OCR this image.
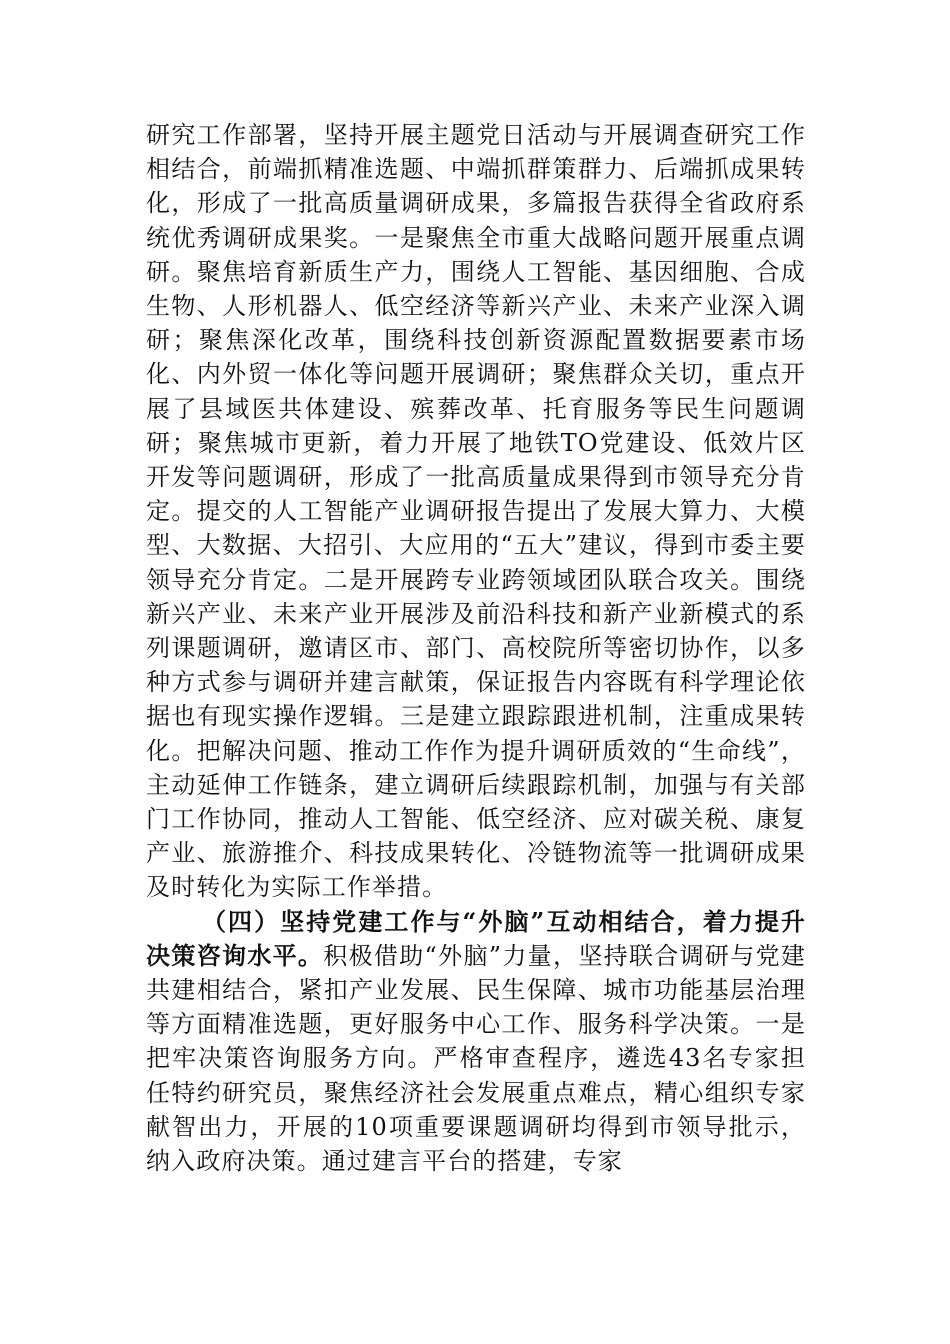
研究工作部署，坚持开展主题党日活动与开展调查研究工作相结合，前端抓精准选题、中端抓群策群力、后端抓成果转化，形成了一批高质量调研成果，多篇报告获得全省政府系统优秀调研成果奖。一是聚焦全市重大战略问题开展重点调研。聚焦培育新质生产力，围绕人工智能、基因细胞、合成生物、人形机器人、低空经济等新兴产业、未来产业深入调研；聚焦深化改革，围绕科技创新资源配置数据要素市场化、内外贸一体化等问题开展调研；聚焦群众关切，重点开展了县域医共体建设、殡葬改革、托育服务等民生问题调研；聚焦城市更新，着力开展了地铁TO党建设、低效片区开发等问题调研，形成了一批高质量成果得到市领导充分肯定。提交的人工智能产业调研报告提出了发展大算力、大模型、大数据、大招引、大应用的“五大”建议，得到市委主要领导充分肯定。二是开展跨专业跨领域团队联合攻关。围绕新兴产业、未来产业开展涉及前沿科技和新产业新模式的系列课题调研，邀请区市、部门、高校院所等密切协作，以多种方式参与调研并建言献策，保证报告内容既有科学理论依据也有现实操作逻辑。三是建立跟踪跟进机制，注重成果转化。把解决问题、推动工作作为提升调研质效的“生命线”，主动延伸工作链条，建立调研后续跟踪机制，加强与有关部门工作协同，推动人工智能、低空经济、应对碳关税、康复产业、旅游推介、科技成果转化、冷链物流等一批调研成果及时转化为实际工作举措。

（四）坚持党建工作与“外脑”互动相结合，着力提升决策咨询水平。积极借助“外脑”力量，坚持联合调研与党建共建相结合，紧扣产业发展、民生保障、城市功能基层治理等方面精准选题，更好服务中心工作、服务科学决策。一是把牢决策咨询服务方向。严格审查程序，遴选43名专家担任特约研究员，聚焦经济社会发展重点难点，精心组织专家献智出力，开展的10项重要课题调研均得到市领导批示，纳入政府决策。通过建言平台的搭建，专家
